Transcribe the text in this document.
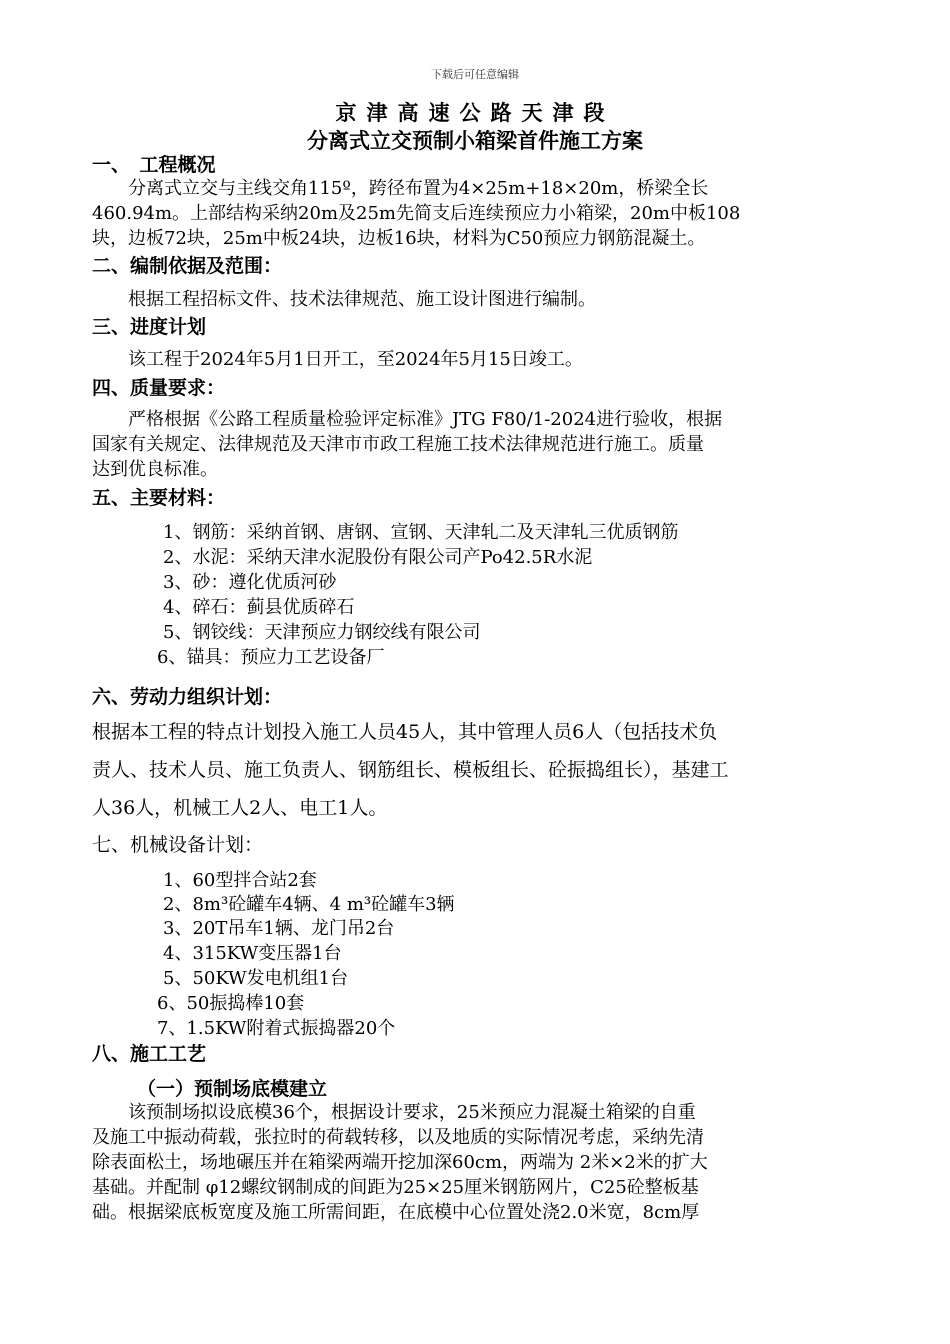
下载后可任意编辑
京津高速公路天津段
分离式立交预制小箱梁首件施工方案
一、　工程概况
　　分离式立交与主线交角115º，跨径布置为4×25m+18×20m，桥梁全长
460.94m。上部结构采纳20m及25m先简支后连续预应力小箱梁，20m中板108
块，边板72块，25m中板24块，边板16块，材料为C50预应力钢筋混凝土。
二、编制依据及范围：
　　根据工程招标文件、技术法律规范、施工设计图进行编制。
三、进度计划
　　该工程于2024年5月1日开工，至2024年5月15日竣工。
四、质量要求：
　　严格根据《公路工程质量检验评定标准》JTG F80/1-2024进行验收，根据
国家有关规定、法律规范及天津市市政工程施工技术法律规范进行施工。质量
达到优良标准。
五、主要材料：
1、钢筋：采纳首钢、唐钢、宣钢、天津轧二及天津轧三优质钢筋
2、水泥：采纳天津水泥股份有限公司产Po42.5R水泥
3、砂：遵化优质河砂
4、碎石：蓟县优质碎石
5、钢铰线：天津预应力钢绞线有限公司
6、锚具：预应力工艺设备厂
六、劳动力组织计划：
根据本工程的特点计划投入施工人员45人，其中管理人员6人（包括技术负
责人、技术人员、施工负责人、钢筋组长、模板组长、砼振捣组长），基建工
人36人，机械工人2人、电工1人。
七、机械设备计划：
1、60型拌合站2套
2、8m³砼罐车4辆、4 m³砼罐车3辆
3、20T吊车1辆、龙门吊2台
4、315KW变压器1台
5、50KW发电机组1台
6、50振捣棒10套
7、1.5KW附着式振捣器20个
八、施工工艺
（一）预制场底模建立
　　该预制场拟设底模36个，根据设计要求，25米预应力混凝土箱梁的自重
及施工中振动荷载，张拉时的荷载转移，以及地质的实际情况考虑，采纳先清
除表面松土，场地碾压并在箱梁两端开挖加深60cm，两端为 2米×2米的扩大
基础。并配制 φ12螺纹钢制成的间距为25×25厘米钢筋网片，C25砼整板基
础。根据梁底板宽度及施工所需间距，在底模中心位置处浇2.0米宽，8cm厚
